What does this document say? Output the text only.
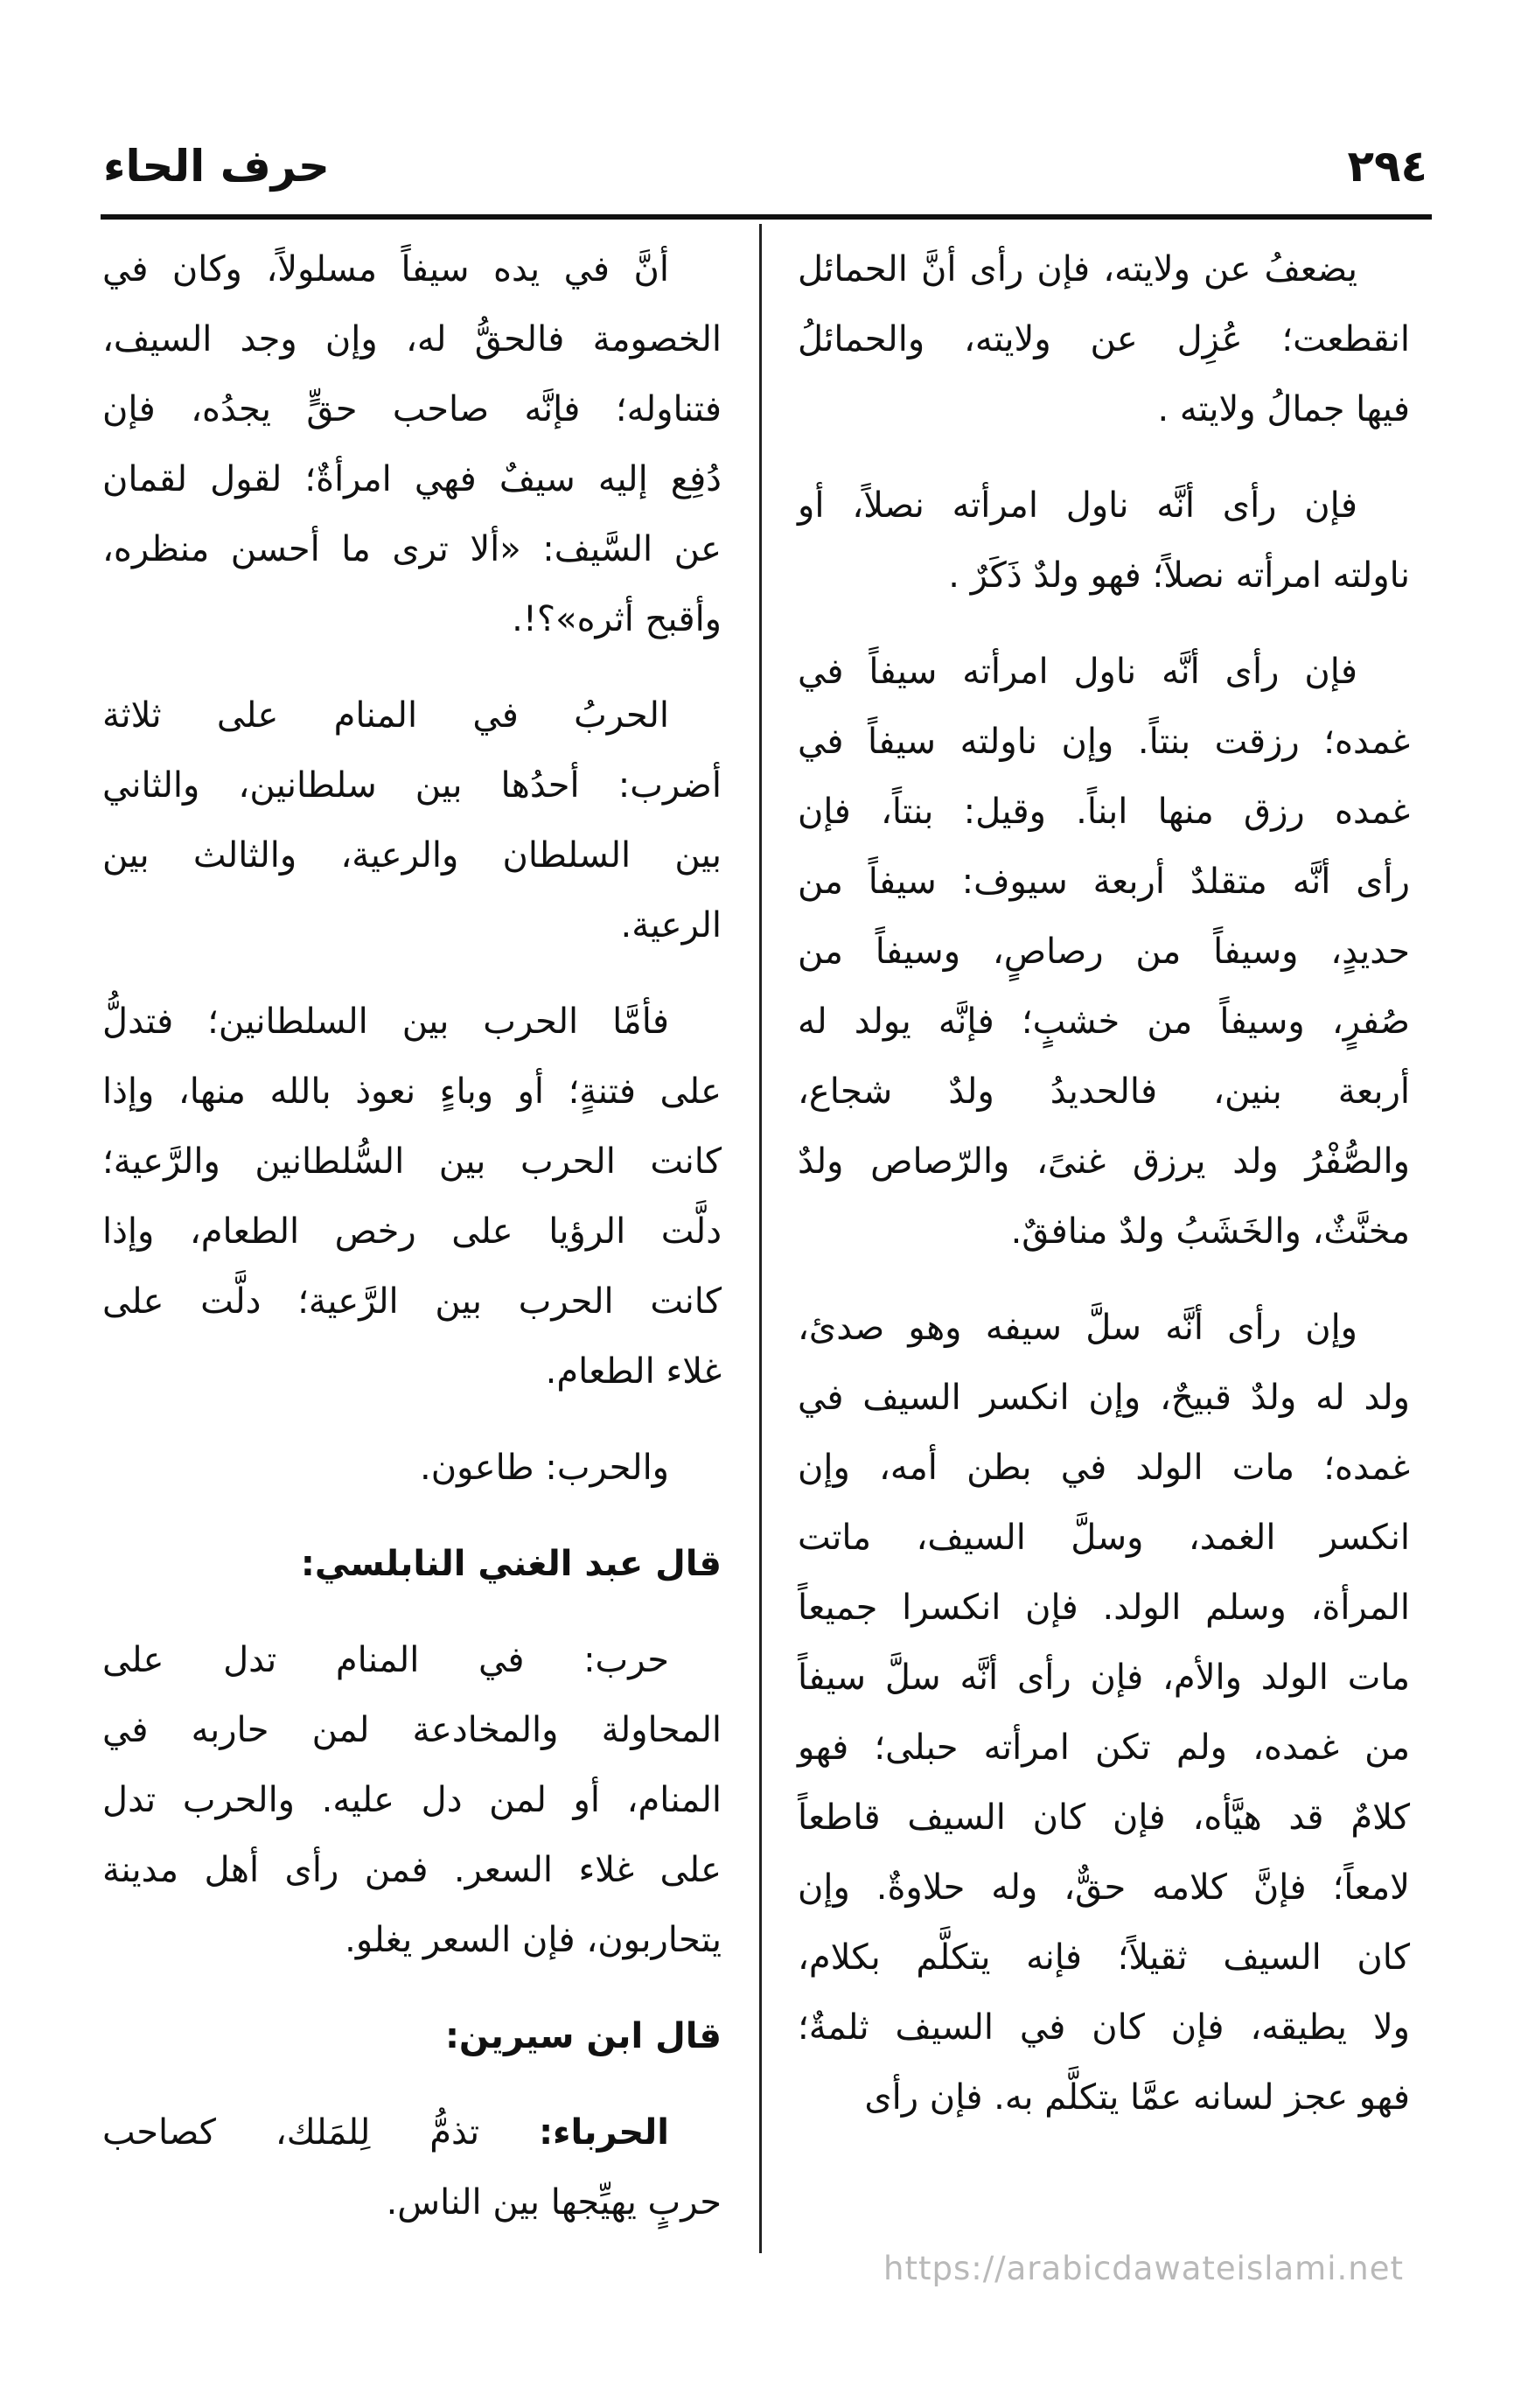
٢٩٤
حرف الحاء
يضعفُ عن ولايته، فإن رأى أنَّ الحمائل
انقطعت؛ عُزِل عن ولايته، والحمائلُ
فيها جمالُ ولايته .
فإن رأى أنَّه ناول امرأته نصلاً، أو
ناولته امرأته نصلاً؛ فهو ولدٌ ذَكَرٌ .
فإن رأى أنَّه ناول امرأته سيفاً في
غمده؛ رزقت بنتاً. وإن ناولته سيفاً في
غمده رزق منها ابناً. وقيل: بنتاً، فإن
رأى أنَّه متقلدٌ أربعة سيوف: سيفاً من
حديدٍ، وسيفاً من رصاصٍ، وسيفاً من
صُفرٍ، وسيفاً من خشبٍ؛ فإنَّه يولد له
أربعة بنين، فالحديدُ ولدٌ شجاع،
والصُّفْرُ ولد يرزق غنىً، والرّصاص ولدٌ
مخنَّثٌ، والخَشَبُ ولدٌ منافقٌ.
وإن رأى أنَّه سلَّ سيفه وهو صدئ،
ولد له ولدٌ قبيحٌ، وإن انكسر السيف في
غمده؛ مات الولد في بطن أمه، وإن
انكسر الغمد، وسلَّ السيف، ماتت
المرأة، وسلم الولد. فإن انكسرا جميعاً
مات الولد والأم، فإن رأى أنَّه سلَّ سيفاً
من غمده، ولم تكن امرأته حبلى؛ فهو
كلامٌ قد هيَّأه، فإن كان السيف قاطعاً
لامعاً؛ فإنَّ كلامه حقٌّ، وله حلاوةٌ. وإن
كان السيف ثقيلاً؛ فإنه يتكلَّم بكلام،
ولا يطيقه، فإن كان في السيف ثلمةٌ؛
فهو عجز لسانه عمَّا يتكلَّم به. فإن رأى
أنَّ في يده سيفاً مسلولاً، وكان في
الخصومة فالحقُّ له، وإن وجد السيف،
فتناوله؛ فإنَّه صاحب حقٍّ يجدُه، فإن
دُفِع إليه سيفٌ فهي امرأةٌ؛ لقول لقمان
عن السَّيف: «ألا ترى ما أحسن منظره،
وأقبح أثره»؟!.
الحربُ في المنام على ثلاثة
أضرب: أحدُها بين سلطانين، والثاني
بين السلطان والرعية، والثالث بين
الرعية.
فأمَّا الحرب بين السلطانين؛ فتدلُّ
على فتنةٍ؛ أو وباءٍ نعوذ بالله منها، وإذا
كانت الحرب بين السُّلطانين والرَّعية؛
دلَّت الرؤيا على رخص الطعام، وإذا
كانت الحرب بين الرَّعية؛ دلَّت على
غلاء الطعام.
والحرب: طاعون.
قال عبد الغني النابلسي:
حرب: في المنام تدل على
المحاولة والمخادعة لمن حاربه في
المنام، أو لمن دل عليه. والحرب تدل
على غلاء السعر. فمن رأى أهل مدينة
يتحاربون، فإن السعر يغلو.
قال ابن سيرين:
الحرباء: تذمُّ لِلمَلك، كصاحب
حربٍ يهيِّجها بين الناس.
https://arabicdawateislami.net
